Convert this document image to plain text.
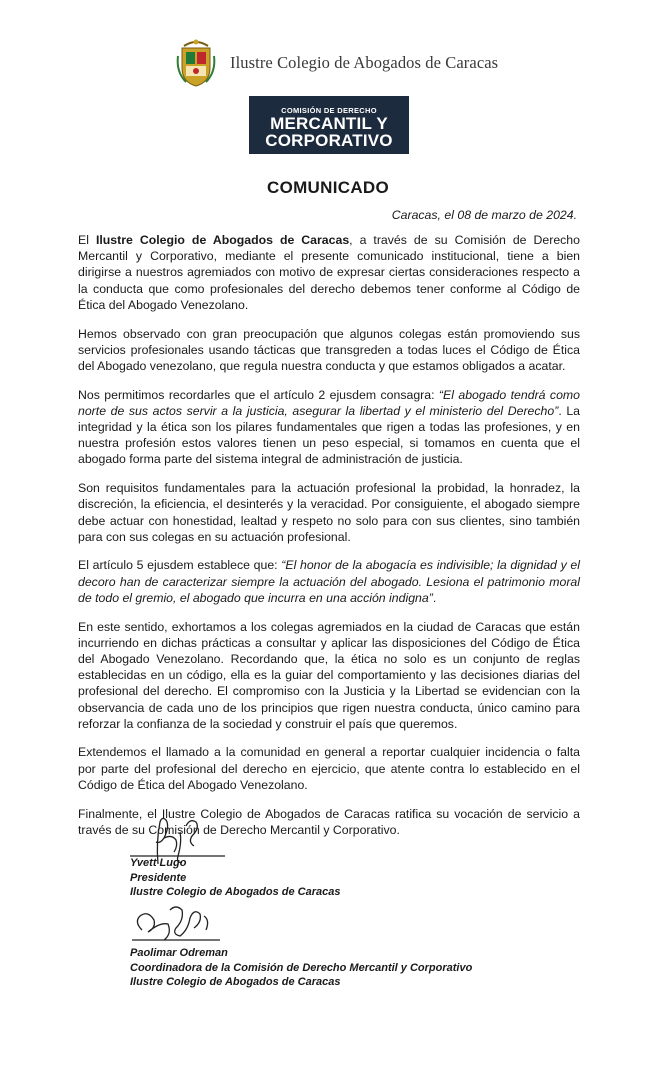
Ilustre Colegio de Abogados de Caracas
COMISIÓN DE DERECHO
MERCANTIL Y
CORPORATIVO
COMUNICADO
Caracas, el 08 de marzo de 2024.

El Ilustre Colegio de Abogados de Caracas, a través de su Comisión de Derecho Mercantil y Corporativo, mediante el presente comunicado institucional, tiene a bien dirigirse a nuestros agremiados con motivo de expresar ciertas consideraciones respecto a la conducta que como profesionales del derecho debemos tener conforme al Código de Ética del Abogado Venezolano.

Hemos observado con gran preocupación que algunos colegas están promoviendo sus servicios profesionales usando tácticas que transgreden a todas luces el Código de Ética del Abogado venezolano, que regula nuestra conducta y que estamos obligados a acatar.

Nos permitimos recordarles que el artículo 2 ejusdem consagra: “El abogado tendrá como norte de sus actos servir a la justicia, asegurar la libertad y el ministerio del Derecho”. La integridad y la ética son los pilares fundamentales que rigen a todas las profesiones, y en nuestra profesión estos valores tienen un peso especial, si tomamos en cuenta que el abogado forma parte del sistema integral de administración de justicia.

Son requisitos fundamentales para la actuación profesional la probidad, la honradez, la discreción, la eficiencia, el desinterés y la veracidad. Por consiguiente, el abogado siempre debe actuar con honestidad, lealtad y respeto no solo para con sus clientes, sino también para con sus colegas en su actuación profesional.

El artículo 5 ejusdem establece que: “El honor de la abogacía es indivisible; la dignidad y el decoro han de caracterizar siempre la actuación del abogado. Lesiona el patrimonio moral de todo el gremio, el abogado que incurra en una acción indigna”.

En este sentido, exhortamos a los colegas agremiados en la ciudad de Caracas que están incurriendo en dichas prácticas a consultar y aplicar las disposiciones del Código de Ética del Abogado Venezolano. Recordando que, la ética no solo es un conjunto de reglas establecidas en un código, ella es la guiar del comportamiento y las decisiones diarias del profesional del derecho. El compromiso con la Justicia y la Libertad se evidencian con la observancia de cada uno de los principios que rigen nuestra conducta, único camino para reforzar la confianza de la sociedad y construir el país que queremos.

Extendemos el llamado a la comunidad en general a reportar cualquier incidencia o falta por parte del profesional del derecho en ejercicio, que atente contra lo establecido en el Código de Ética del Abogado Venezolano.

Finalmente, el Ilustre Colegio de Abogados de Caracas ratifica su vocación de servicio a través de su Comisión de Derecho Mercantil y Corporativo.

Yvett Lugo
Presidente
Ilustre Colegio de Abogados de Caracas
Paolimar Odreman
Coordinadora de la Comisión de Derecho Mercantil y Corporativo
Ilustre Colegio de Abogados de Caracas
